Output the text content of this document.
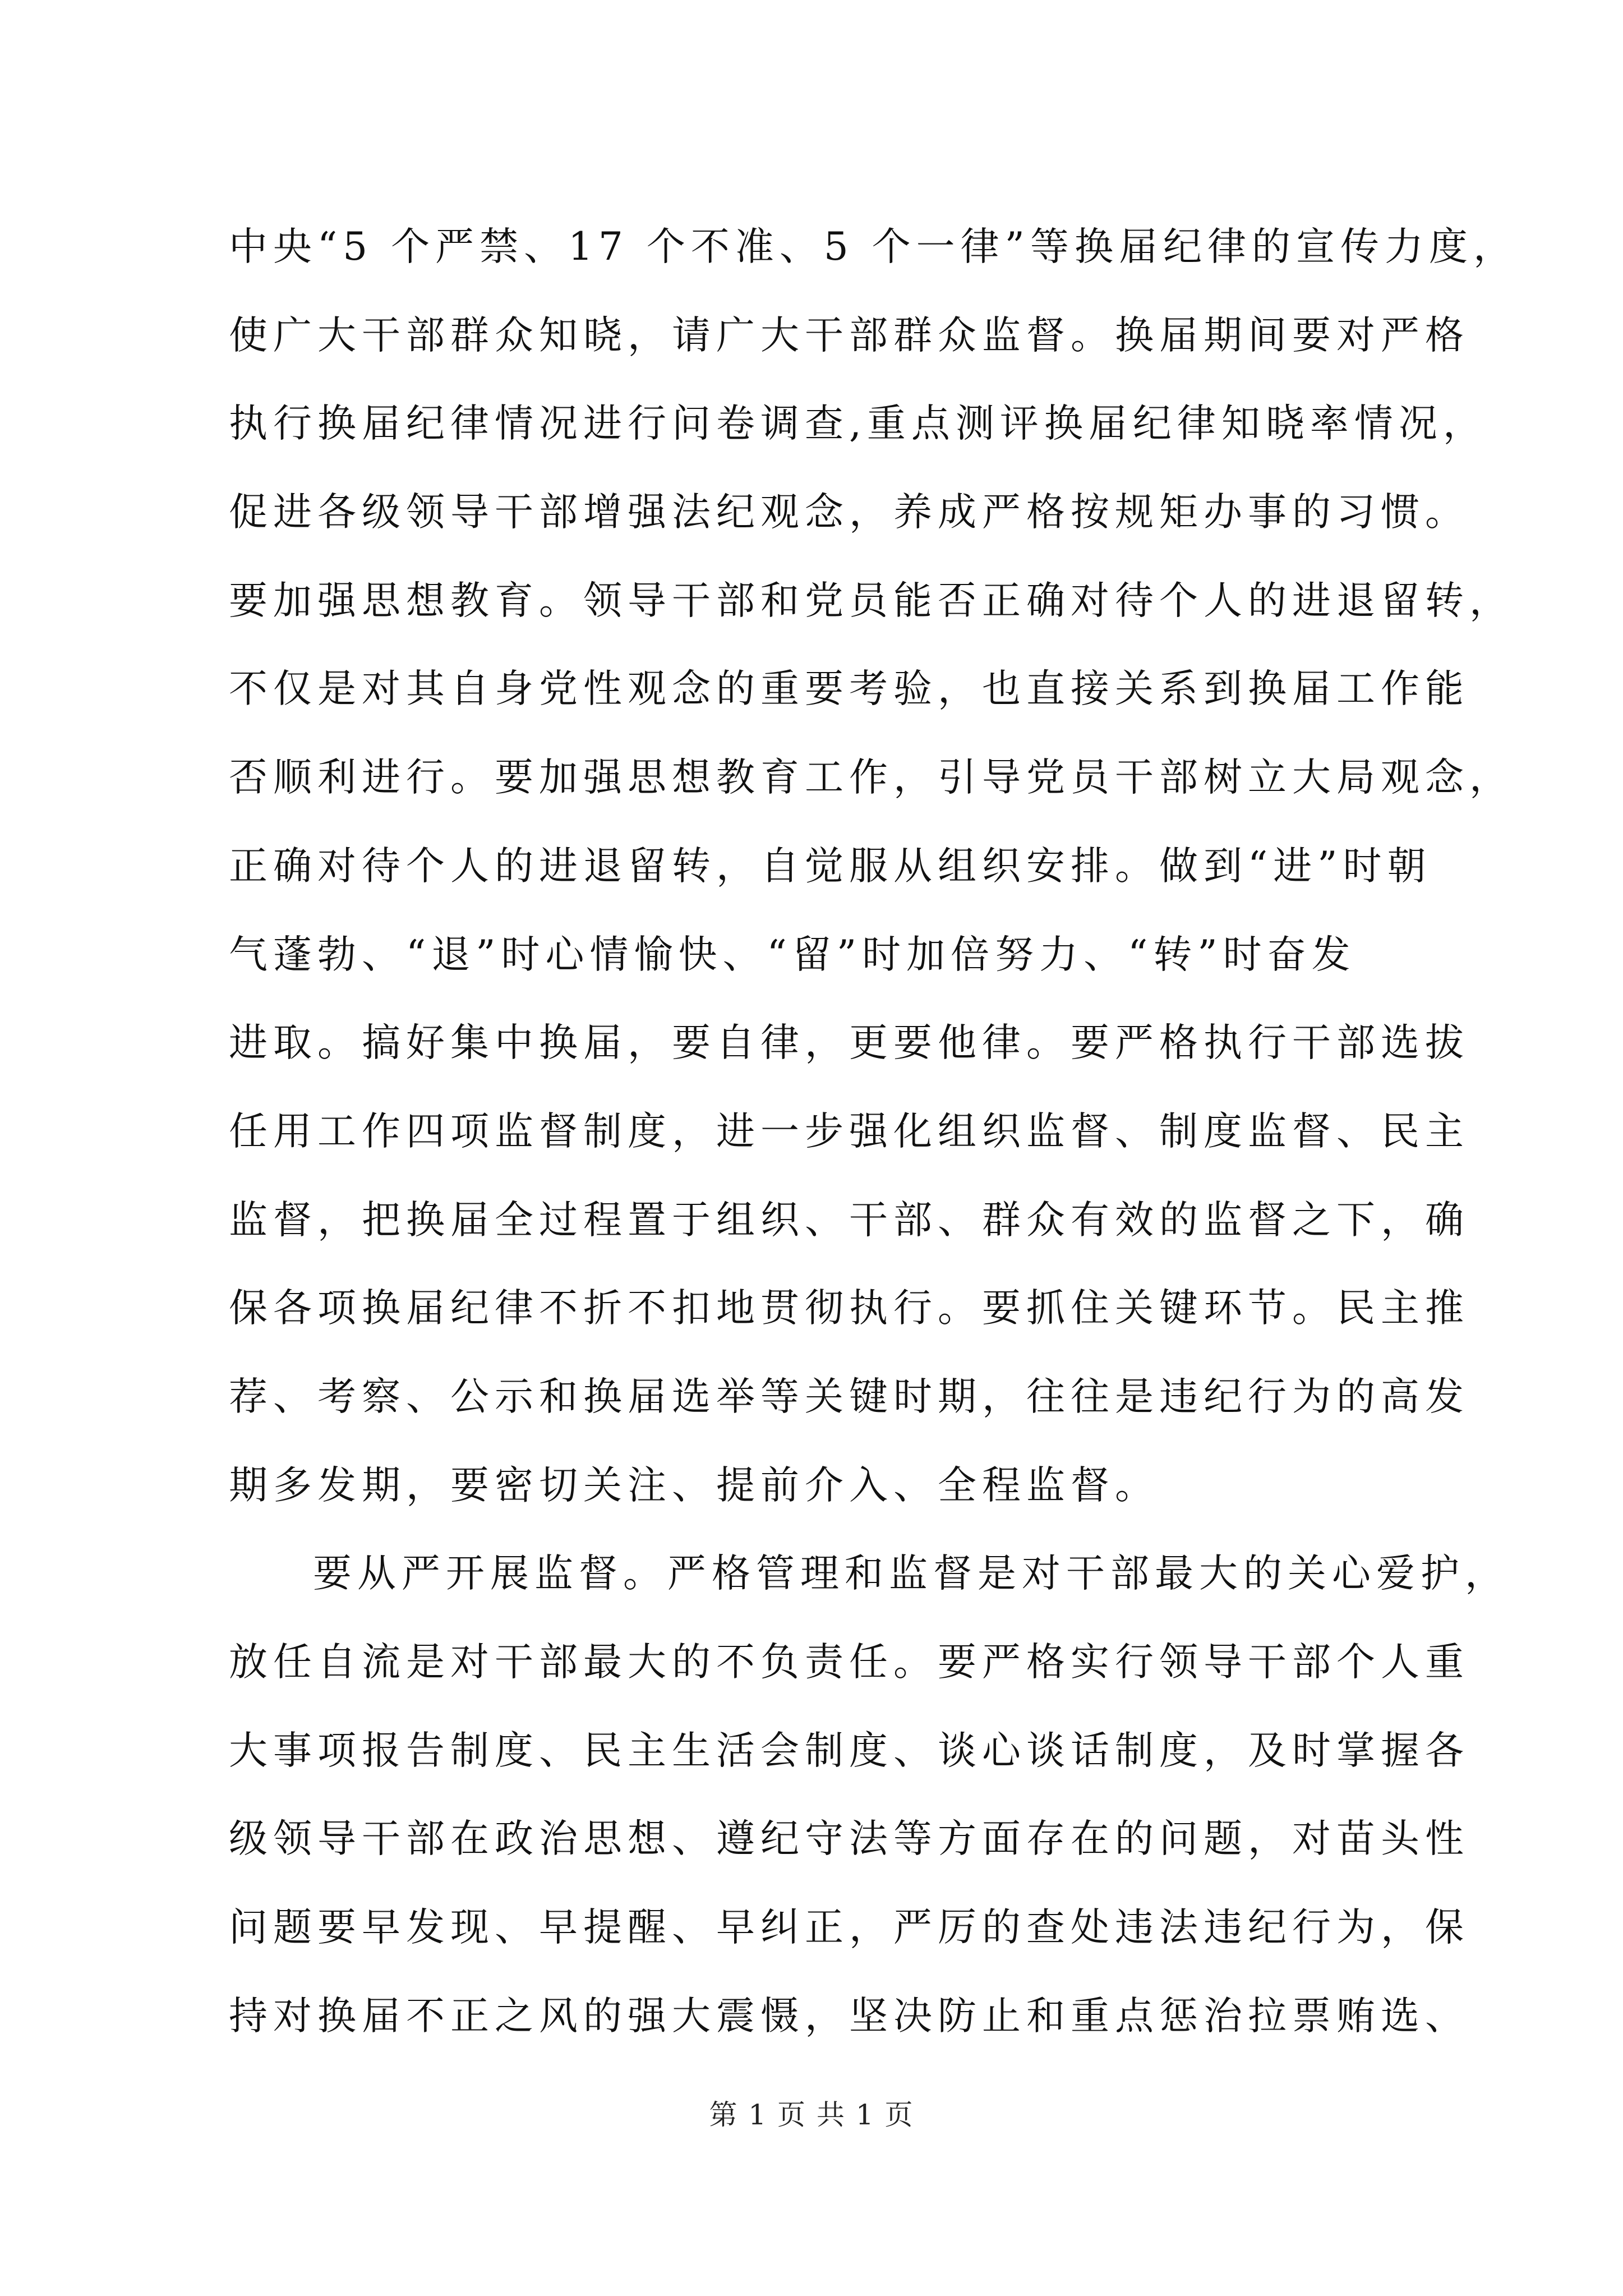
中央“5 个严禁、17 个不准、5 个一律”等换届纪律的宣传力度，
使广大干部群众知晓，请广大干部群众监督。换届期间要对严格
执行换届纪律情况进行问卷调查,重点测评换届纪律知晓率情况，
促进各级领导干部增强法纪观念，养成严格按规矩办事的习惯。
要加强思想教育。领导干部和党员能否正确对待个人的进退留转，
不仅是对其自身党性观念的重要考验，也直接关系到换届工作能
否顺利进行。要加强思想教育工作，引导党员干部树立大局观念，
正确对待个人的进退留转，自觉服从组织安排。做到“进”时朝
气蓬勃、“退”时心情愉快、“留”时加倍努力、“转”时奋发
进取。搞好集中换届，要自律，更要他律。要严格执行干部选拔
任用工作四项监督制度，进一步强化组织监督、制度监督、民主
监督，把换届全过程置于组织、干部、群众有效的监督之下，确
保各项换届纪律不折不扣地贯彻执行。要抓住关键环节。民主推
荐、考察、公示和换届选举等关键时期，往往是违纪行为的高发
期多发期，要密切关注、提前介入、全程监督。
要从严开展监督。严格管理和监督是对干部最大的关心爱护，
放任自流是对干部最大的不负责任。要严格实行领导干部个人重
大事项报告制度、民主生活会制度、谈心谈话制度，及时掌握各
级领导干部在政治思想、遵纪守法等方面存在的问题，对苗头性
问题要早发现、早提醒、早纠正，严厉的查处违法违纪行为，保
持对换届不正之风的强大震慑，坚决防止和重点惩治拉票贿选、
第 1 页 共 1 页
